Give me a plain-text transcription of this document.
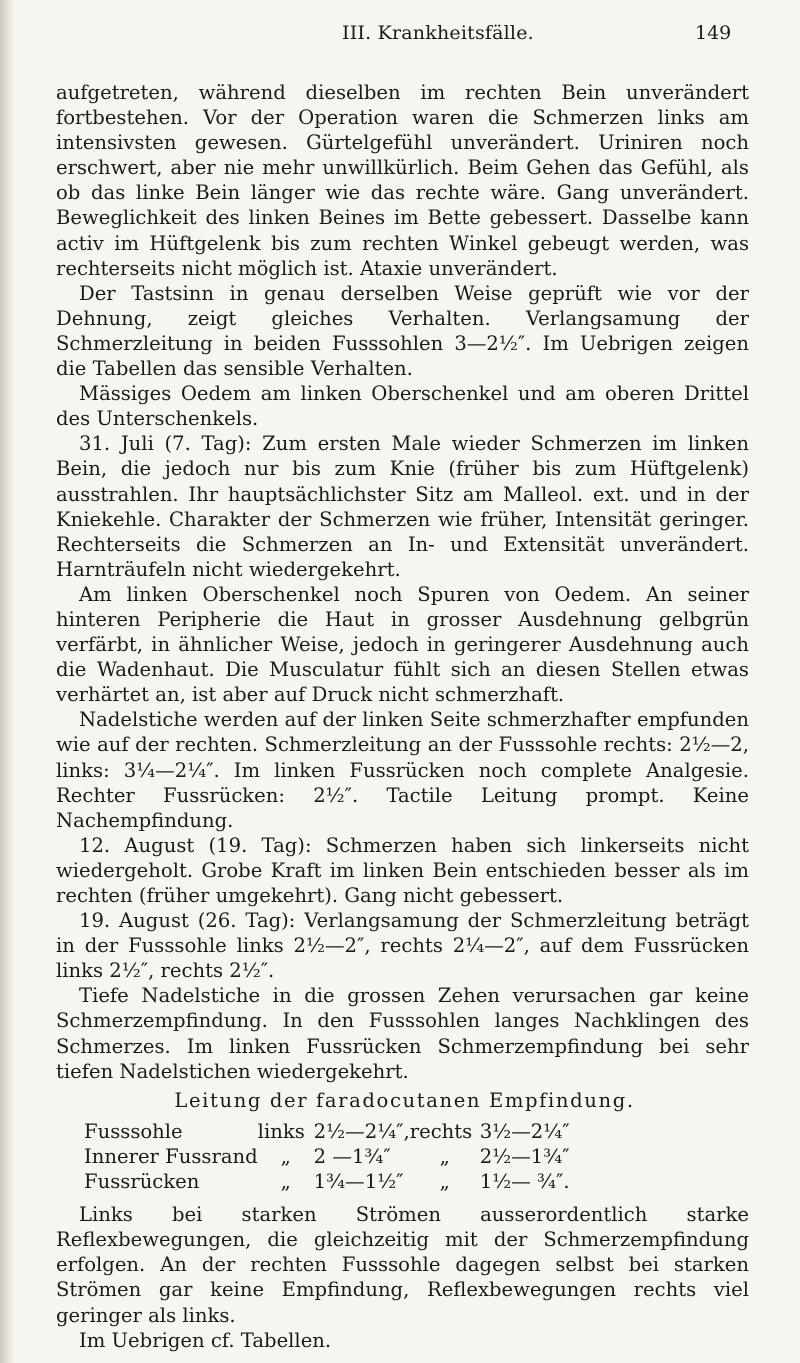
III. Krankheitsfälle.	149

aufgetreten, während dieselben im rechten Bein unverändert fortbestehen. Vor der Operation waren die Schmerzen links am intensivsten gewesen. Gürtelgefühl unverändert. Uriniren noch erschwert, aber nie mehr unwillkürlich. Beim Gehen das Gefühl, als ob das linke Bein länger wie das rechte wäre. Gang unverändert. Beweglichkeit des linken Beines im Bette gebessert. Dasselbe kann activ im Hüftgelenk bis zum rechten Winkel gebeugt werden, was rechterseits nicht möglich ist. Ataxie unverändert.

Der Tastsinn in genau derselben Weise geprüft wie vor der Dehnung, zeigt gleiches Verhalten. Verlangsamung der Schmerzleitung in beiden Fusssohlen 3—2½″. Im Uebrigen zeigen die Tabellen das sensible Verhalten.

Mässiges Oedem am linken Oberschenkel und am oberen Drittel des Unterschenkels.

31. Juli (7. Tag): Zum ersten Male wieder Schmerzen im linken Bein, die jedoch nur bis zum Knie (früher bis zum Hüftgelenk) ausstrahlen. Ihr hauptsächlichster Sitz am Malleol. ext. und in der Kniekehle. Charakter der Schmerzen wie früher, Intensität geringer. Rechterseits die Schmerzen an In- und Extensität unverändert. Harnträufeln nicht wiedergekehrt.

Am linken Oberschenkel noch Spuren von Oedem. An seiner hinteren Peripherie die Haut in grosser Ausdehnung gelbgrün verfärbt, in ähnlicher Weise, jedoch in geringerer Ausdehnung auch die Wadenhaut. Die Musculatur fühlt sich an diesen Stellen etwas verhärtet an, ist aber auf Druck nicht schmerzhaft.

Nadelstiche werden auf der linken Seite schmerzhafter empfunden wie auf der rechten. Schmerzleitung an der Fusssohle rechts: 2½—2, links: 3¼—2¼″. Im linken Fussrücken noch complete Analgesie. Rechter Fussrücken: 2½″. Tactile Leitung prompt. Keine Nachempfindung.

12. August (19. Tag): Schmerzen haben sich linkerseits nicht wiedergeholt. Grobe Kraft im linken Bein entschieden besser als im rechten (früher umgekehrt). Gang nicht gebessert.

19. August (26. Tag): Verlangsamung der Schmerzleitung beträgt in der Fusssohle links 2½—2″, rechts 2¼—2″, auf dem Fussrücken links 2½″, rechts 2½″.

Tiefe Nadelstiche in die grossen Zehen verursachen gar keine Schmerzempfindung. In den Fusssohlen langes Nachklingen des Schmerzes. Im linken Fussrücken Schmerzempfindung bei sehr tiefen Nadelstichen wiedergekehrt.

Leitung der faradocutanen Empfindung.

Fusssohle	links	2½—2¼″,	rechts	3½—2¼″
Innerer Fussrand	„	2 —1¾″	„	2½—1¾″
Fussrücken	„	1¾—1½″	„	1½— ¾″.

Links bei starken Strömen ausserordentlich starke Reflexbewegungen, die gleichzeitig mit der Schmerzempfindung erfolgen. An der rechten Fusssohle dagegen selbst bei starken Strömen gar keine Empfindung, Reflexbewegungen rechts viel geringer als links.

Im Uebrigen cf. Tabellen.
